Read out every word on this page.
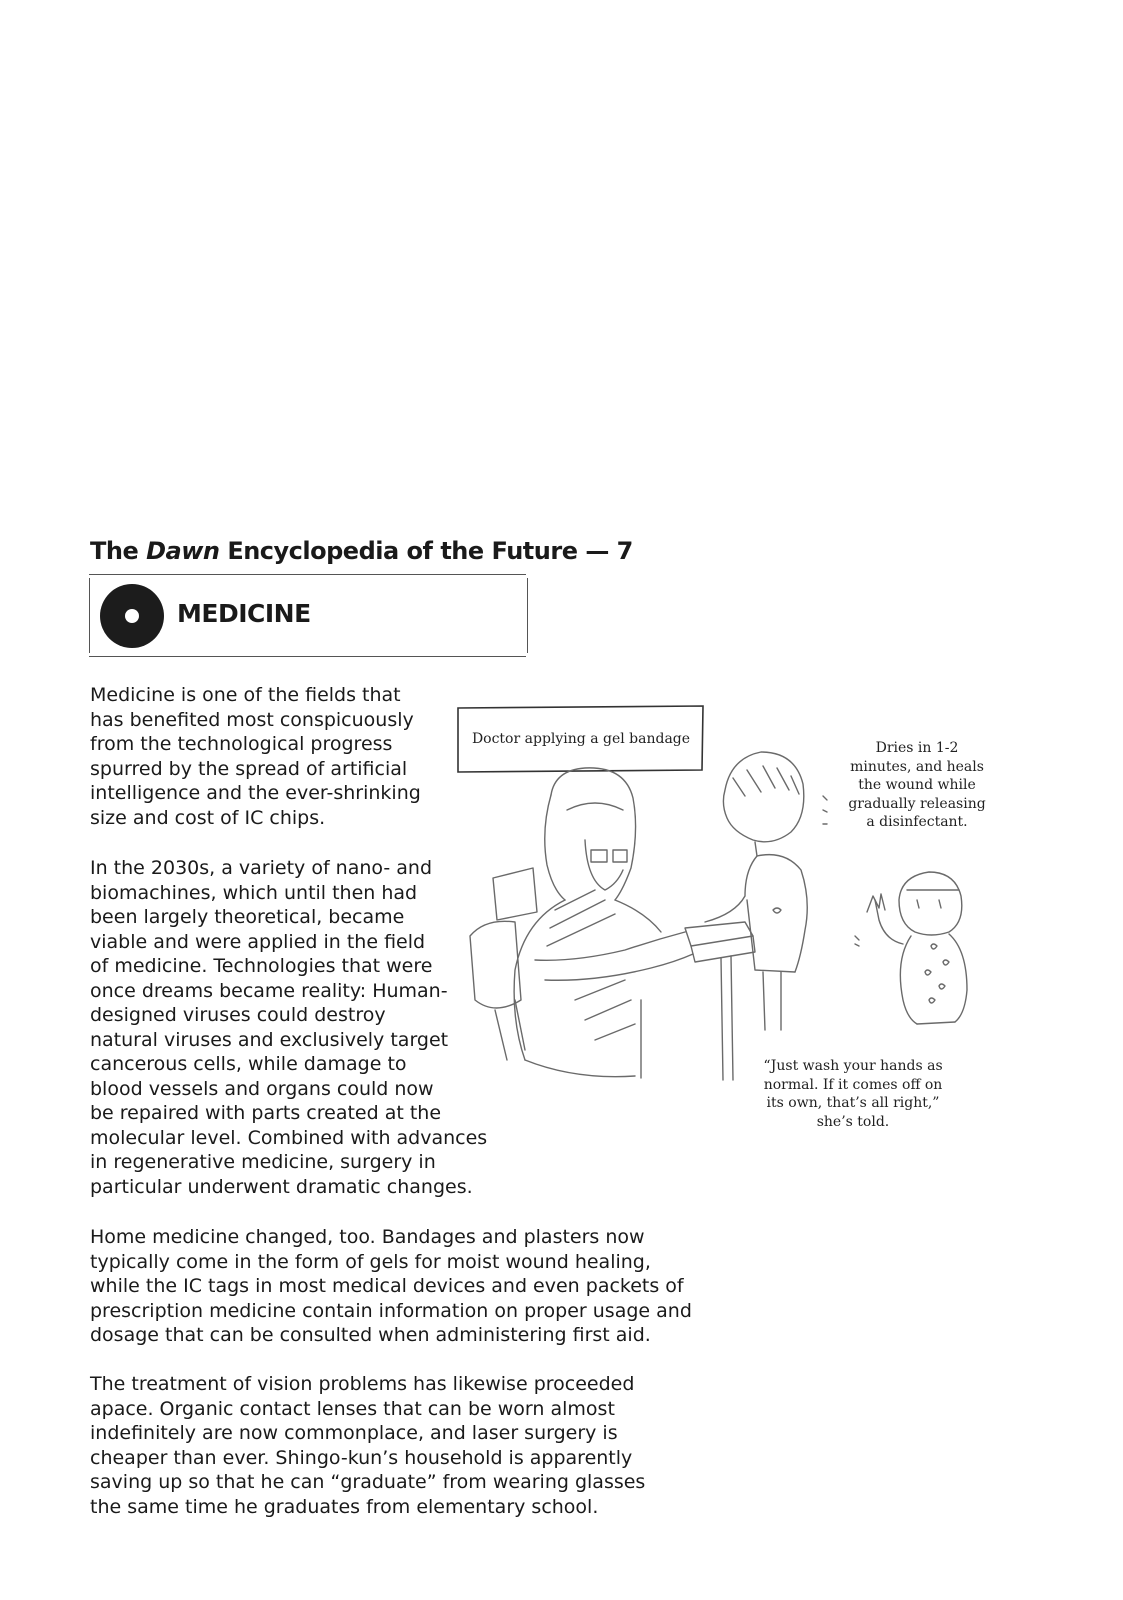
The Dawn Encyclopedia of the Future — 7
MEDICINE

Medicine is one of the fields that
has benefited most conspicuously
from the technological progress
spurred by the spread of artificial
intelligence and the ever-shrinking
size and cost of IC chips.

In the 2030s, a variety of nano- and
biomachines, which until then had
been largely theoretical, became
viable and were applied in the field
of medicine. Technologies that were
once dreams became reality: Human-
designed viruses could destroy
natural viruses and exclusively target
cancerous cells, while damage to
blood vessels and organs could now
be repaired with parts created at the
molecular level. Combined with advances
in regenerative medicine, surgery in
particular underwent dramatic changes.

Home medicine changed, too. Bandages and plasters now
typically come in the form of gels for moist wound healing,
while the IC tags in most medical devices and even packets of
prescription medicine contain information on proper usage and
dosage that can be consulted when administering first aid.

The treatment of vision problems has likewise proceeded
apace. Organic contact lenses that can be worn almost
indefinitely are now commonplace, and laser surgery is
cheaper than ever. Shingo-kun’s household is apparently
saving up so that he can “graduate” from wearing glasses
the same time he graduates from elementary school.

Doctor applying a gel bandage
Dries in 1-2
minutes, and heals
the wound while
gradually releasing
a disinfectant.
“Just wash your hands as
normal. If it comes off on
its own, that’s all right,”
she’s told.
